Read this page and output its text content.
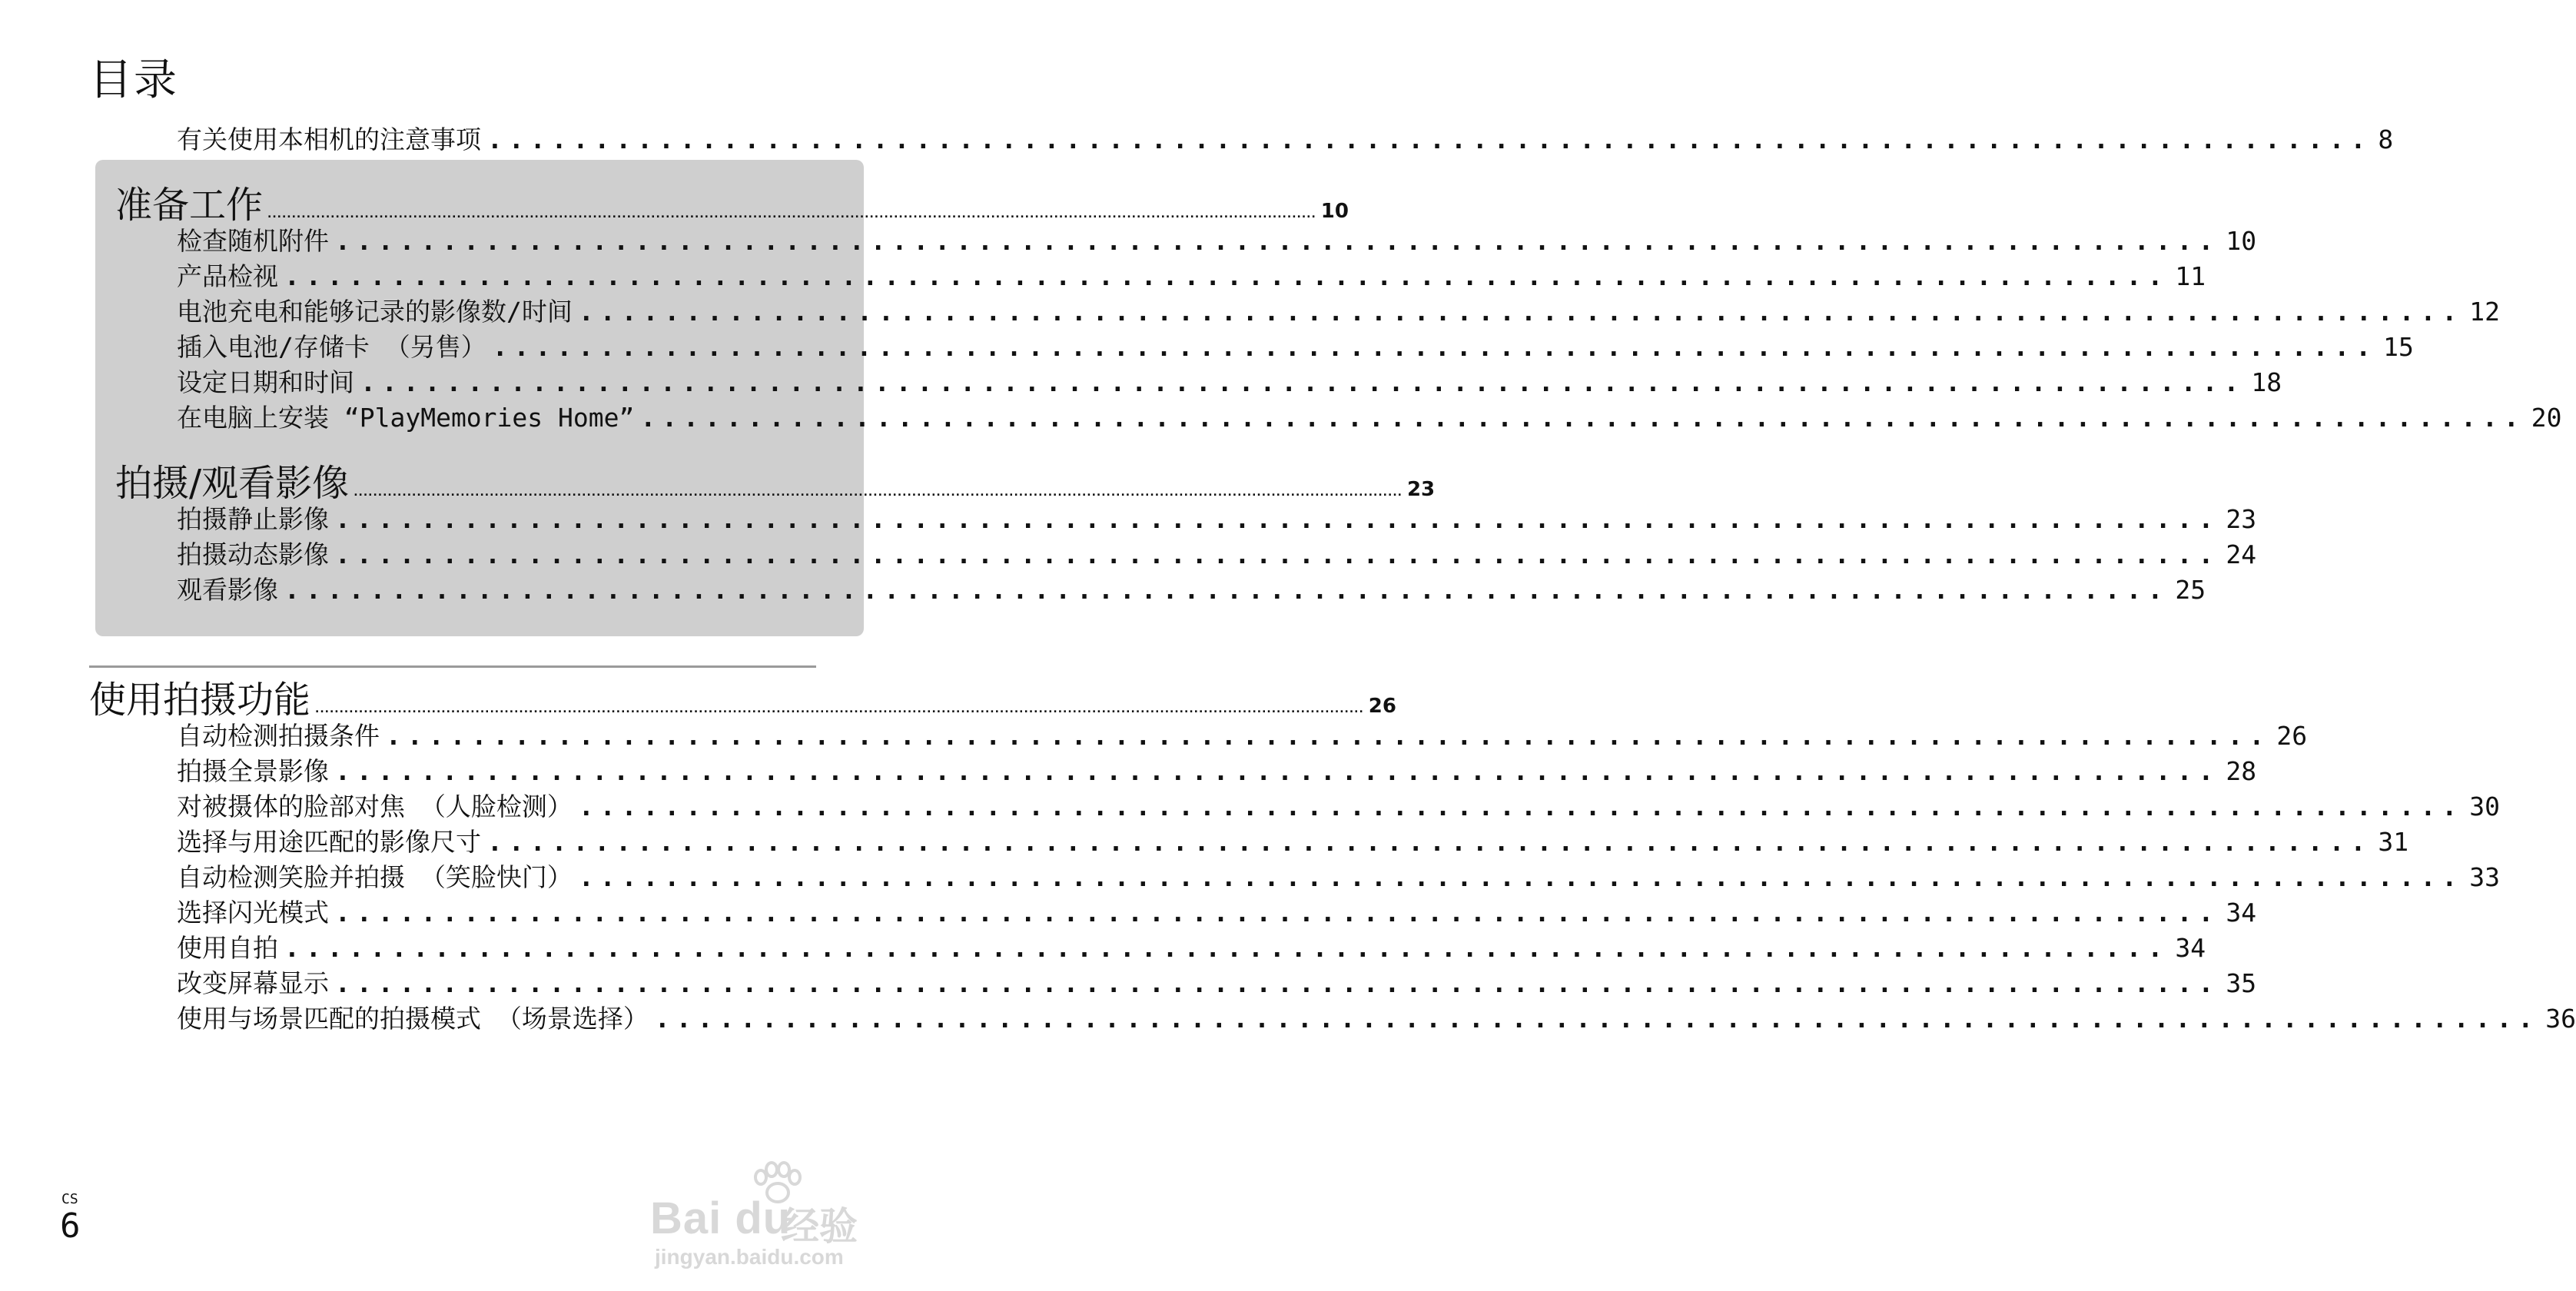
目录
有关使用本相机的注意事项 ........................................................................................ 8
准备工作 ........................................................................................................................................................................................................................ 10
检查随机附件 ........................................................................................ 10
产品检视 ........................................................................................ 11
电池充电和能够记录的影像数/时间 ........................................................................................ 12
插入电池/存储卡 （另售） ........................................................................................ 15
设定日期和时间 ........................................................................................ 18
在电脑上安装 “PlayMemories Home” ........................................................................................ 20
拍摄/观看影像 ........................................................................................................................................................................................................................ 23
拍摄静止影像 ........................................................................................ 23
拍摄动态影像 ........................................................................................ 24
观看影像 ........................................................................................ 25
使用拍摄功能 ........................................................................................................................................................................................................................ 26
自动检测拍摄条件 ........................................................................................ 26
拍摄全景影像 ........................................................................................ 28
对被摄体的脸部对焦 （人脸检测） ........................................................................................ 30
选择与用途匹配的影像尺寸 ........................................................................................ 31
自动检测笑脸并拍摄 （笑脸快门） ........................................................................................ 33
选择闪光模式 ........................................................................................ 34
使用自拍 ........................................................................................ 34
改变屏幕显示 ........................................................................................ 35
使用与场景匹配的拍摄模式 （场景选择） ........................................................................................ 36
CS
6	Bai du
经验
jingyan.baidu.com
